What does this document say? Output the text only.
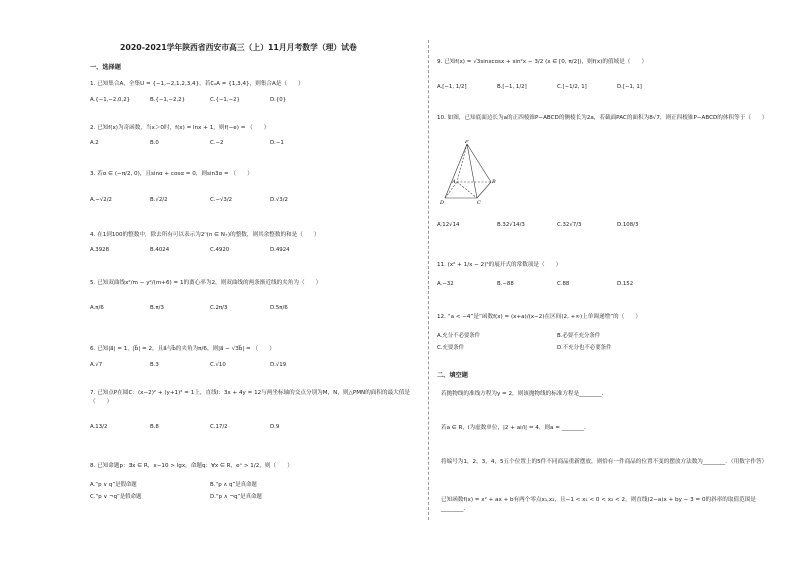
2020-2021学年陕西省西安市高三（上）11月月考数学（理）试卷
一、选择题
1. 已知集合A，全集U = {−1,−2,1,2,3,4}，若∁ᵤA = {1,3,4}，则集合A是（　　）
A.{−1,−2,0,2}	B.{−1,−2,2}	C.{−1,−2}	D.{0}
2. 已知f(x)为奇函数，当x＞0时，f(x) = lnx + 1，则f(−e) = （　　）
A.2	B.0	C.−2	D.−1
3. 若α ∈ (−π/2, 0)，且sinα + cosα = 0，则sin3α = （　　）
A.−√2/2	B.√2/2	C.−√3/2	D.√3/2
4. 在1到100的整数中，除去所有可以表示为2ⁿ(n ∈ N₊)的整数，则其余整数的和是（　　）
A.3928	B.4024	C.4920	D.4924
5. 已知双曲线x²/m − y²/(m+6) = 1的离心率为2，则双曲线的两条渐近线的夹角为（　　）
A.π/6	B.π/3	C.2π/3	D.5π/6
6. 已知|a⃗| = 1，|b⃗| = 2，且a⃗与b⃗的夹角为π/6，则|a⃗ − √3b⃗| = （　　）
A.√7	B.3	C.√10	D.√19
7. 已知点P在圆C：(x−2)² + (y+1)² = 1上，直线l：3x + 4y = 12与两坐标轴的交点分别为M，N，则△PMN的面积的最大值是（　　）
A.13/2	B.8	C.17/2	D.9
8. 已知命题p：∃x ∈ R，x−10 > lgx，命题q：∀x ∈ R，eˣ > 1/2，则（　　）
A.“p ∨ q”是假命题	B.“p ∧ q”是真命题
C.“p ∨ ¬q”是假命题	D.“p ∧ ¬q”是真命题
9. 已知f(x) = √3sinxcosx + sin²x − 3/2 (x ∈ [0, π/2])，则f(x)的值域是（　　）
A.[−1, 1/2]	B.[−1, 1/2]	C.[−1/2, 1]	D.[−1, 1]
10. 如图，已知底面边长为a的正四棱锥P−ABCD的侧棱长为2a，若截面PAC的面积为8√7，则正四棱锥P−ABCD的体积等于（　　）
P
A	B
C
D
A.12√14	B.32√14/3	C.32√7/3	D.108/3
11. (x² + 1/x − 2)⁵的展开式的常数项是（　　）
A.−32	B.−88	C.88	D.152
12. “a < −4”是“函数f(x) = (x+a)/(x−2)在区间(2, +∞)上单调递增”的（　　）
A.充分不必要条件	B.必要不充分条件
C.充要条件	D.不充分也不必要条件
二、填空题
若抛物线的准线方程为y = 2，则该抛物线的标准方程是________．
若a ∈ R，i为虚数单位，|2 + ai/i| = 4，则a = ________．
将编号为1，2，3，4，5五个位置上的5件不同商品重新摆放，则恰有一件商品的位置不变的摆放方法数为________．（用数字作答）
已知函数f(x) = x² + ax + b有两个零点x₁,x₂，且−1 < x₁ < 0 < x₂ < 2，则直线(2−a)x + by − 3 = 0的斜率的取值范围是________．
